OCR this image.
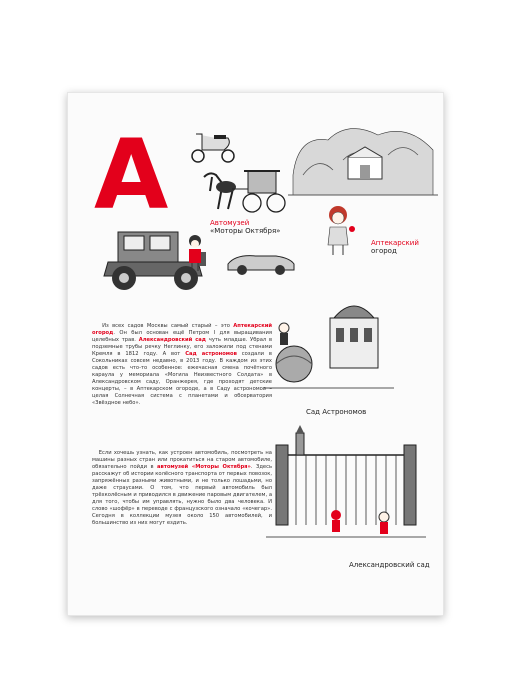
А	Автомузей
«Моторы Октября»
Аптекарский
огород
Сад Астрономов
Александровский сад
Из всех садов Москвы самый старый – это Аптекарский огород. Он был основан ещё Петром I для выращивания целебных трав. Александровский сад чуть младше. Убрал в подземные трубы речку Неглинку, его заложили под стенами Кремля в 1812 году. А вот Сад астрономов создали в Сокольниках совсем недавно, в 2013 году. В каждом из этих садов есть что-то особенное: ежечасная смена почётного караула у мемориала «Могила Неизвестного Солдата» в Александровском саду, Оранжерея, где проходят детские концерты, – в Аптекарском огороде, а в Саду астрономов – целая Солнечная система с планетами и обсерватория «Звёздное небо».
Если хочешь узнать, как устроен автомобиль, посмотреть на машины разных стран или прокатиться на старом автомобиле, обязательно пойди в автомузей «Моторы Октября». Здесь расскажут об истории колёсного транспорта от первых повозок, запряжённых разными животными, и не только лошадьми, но даже страусами. О том, что первый автомобиль был трёхколёсным и приводился в движение паровым двигателем, а для того, чтобы им управлять, нужно было два человека. И слово «шофёр» в переводе с французского означало «кочегар». Сегодня в коллекции музея около 150 автомобилей, и большинство из них могут ездить.
